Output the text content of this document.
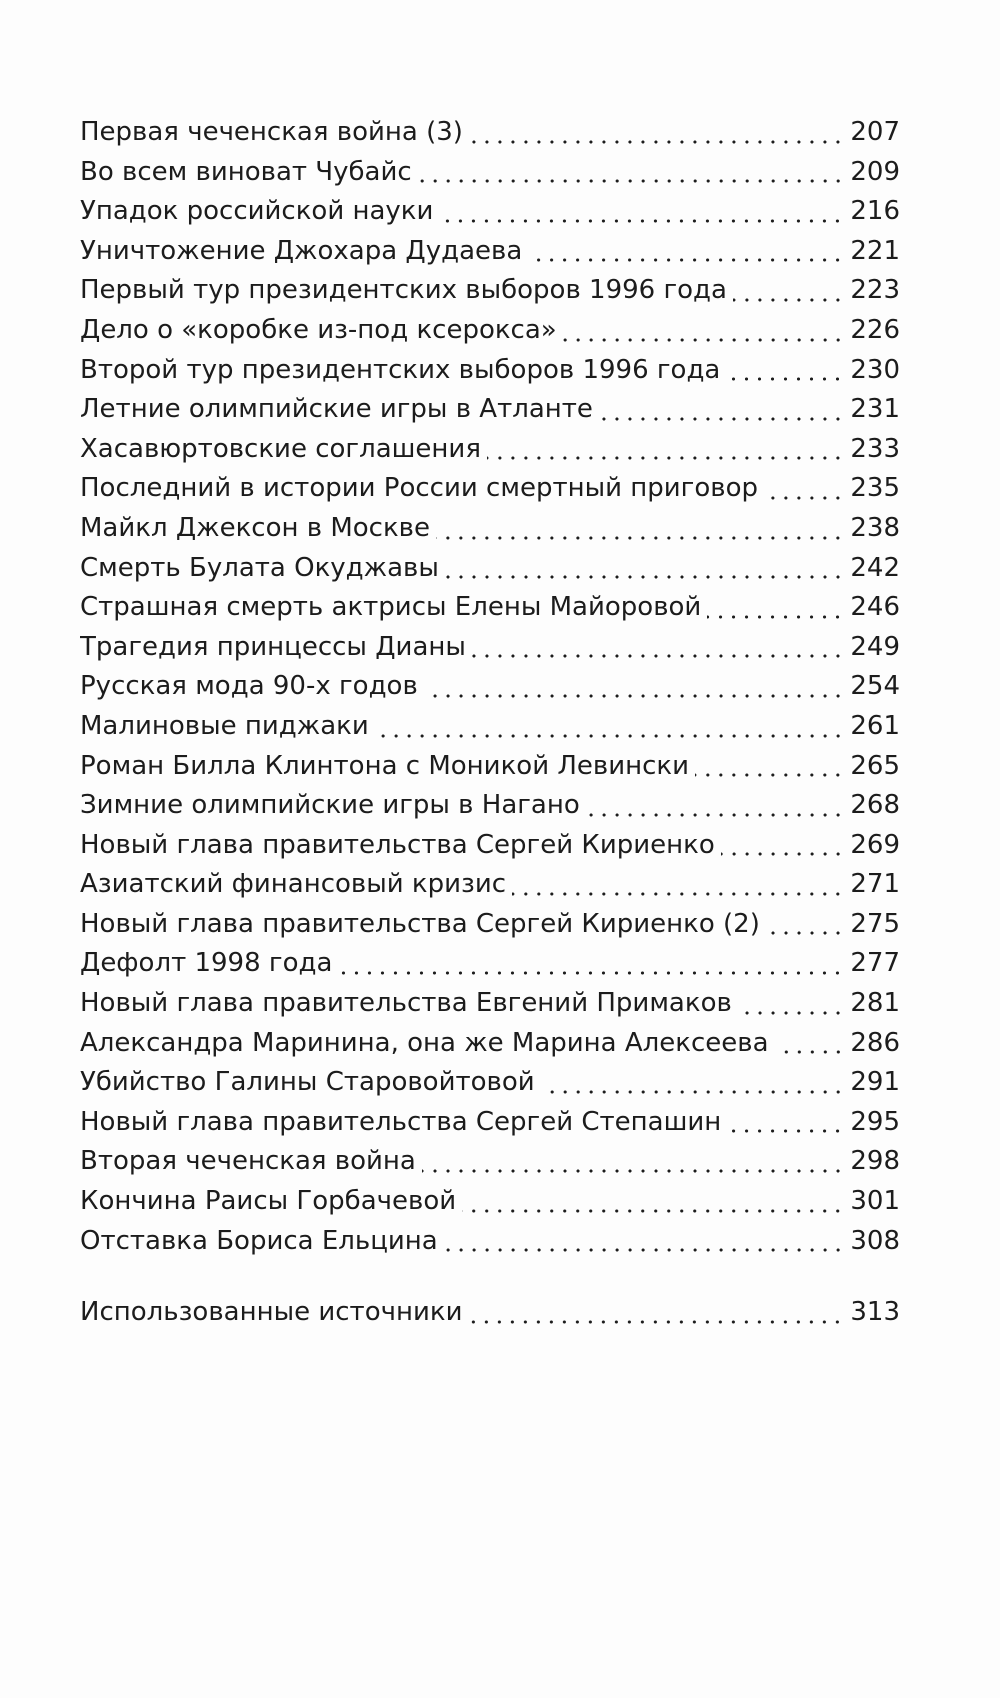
Первая чеченская война (3)	207
Во всем виноват Чубайс	209
Упадок российской науки	216
Уничтожение Джохара Дудаева	221
Первый тур президентских выборов 1996 года	223
Дело о «коробке из-под ксерокса»	226
Второй тур президентских выборов 1996 года	230
Летние олимпийские игры в Атланте	231
Хасавюртовские соглашения	233
Последний в истории России смертный приговор	235
Майкл Джексон в Москве	238
Смерть Булата Окуджавы	242
Страшная смерть актрисы Елены Майоровой	246
Трагедия принцессы Дианы	249
Русская мода 90-х годов	254
Малиновые пиджаки	261
Роман Билла Клинтона с Моникой Левински	265
Зимние олимпийские игры в Нагано	268
Новый глава правительства Сергей Кириенко	269
Азиатский финансовый кризис	271
Новый глава правительства Сергей Кириенко (2)	275
Дефолт 1998 года	277
Новый глава правительства Евгений Примаков	281
Александра Маринина, она же Марина Алексеева	286
Убийство Галины Старовойтовой	291
Новый глава правительства Сергей Степашин	295
Вторая чеченская война	298
Кончина Раисы Горбачевой	301
Отставка Бориса Ельцина	308
Использованные источники	313
